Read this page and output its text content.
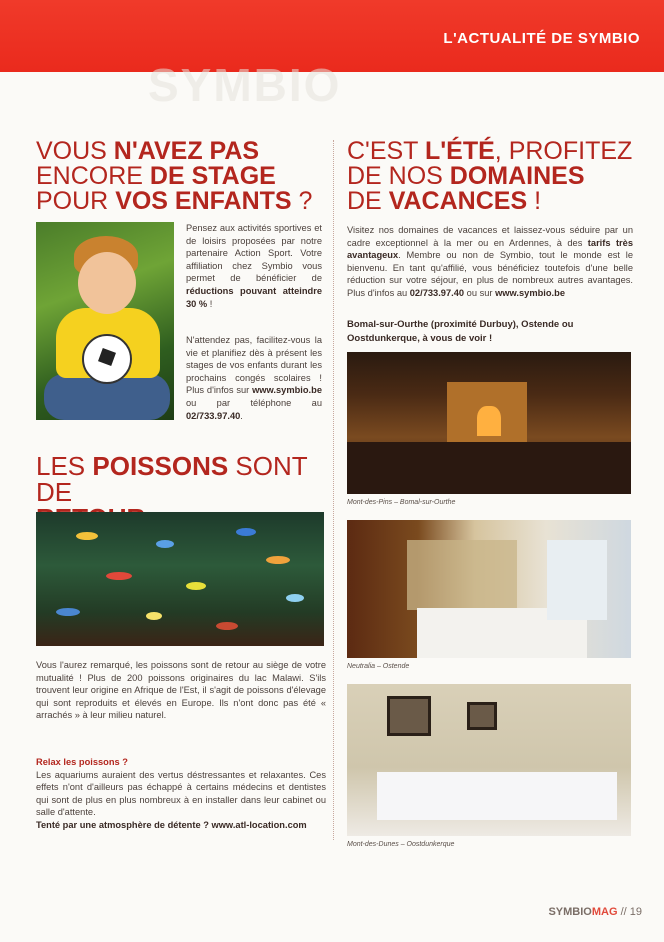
L'ACTUALITÉ DE SYMBIO
SYMBIO
VOUS N'AVEZ PAS
ENCORE DE STAGE
POUR VOS ENFANTS ?
Pensez aux activités sportives et de loisirs proposées par notre partenaire Action Sport. Votre affiliation chez Symbio vous permet de bénéficier de réductions pouvant atteindre 30 % !
N'attendez pas, facilitez-vous la vie et planifiez dès à présent les stages de vos enfants durant les prochains congés scolaires ! Plus d'infos sur www.symbio.be ou par téléphone au 02/733.97.40.
LES POISSONS SONT DE
Vous l'aurez remarqué, les poissons sont de retour au siège de votre mutualité ! Plus de 200 poissons originaires du lac Malawi. S'ils trouvent leur origine en Afrique de l'Est, il s'agit de poissons d'élevage qui sont reproduits et élevés en Europe. Ils n'ont donc pas été « arrachés » à leur milieu naturel.
Relax les poissons ?
Les aquariums auraient des vertus déstressantes et relaxantes. Ces effets n'ont d'ailleurs pas échappé à certains médecins et dentistes qui sont de plus en plus nombreux à en installer dans leur cabinet ou salle d'attente.
Tenté par une atmosphère de détente ? www.atl-location.com
C'EST L'ÉTÉ, PROFITEZ
DE NOS DOMAINES
DE VACANCES !
Visitez nos domaines de vacances et laissez-vous séduire par un cadre exceptionnel à la mer ou en Ardennes, à des tarifs très avantageux. Membre ou non de Symbio, tout le monde est le bienvenu. En tant qu'affilié, vous bénéficiez toutefois d'une belle réduction sur votre séjour, en plus de nombreux autres avantages. Plus d'infos au 02/733.97.40 ou sur www.symbio.be
Bomal-sur-Ourthe (proximité Durbuy), Ostende ou Oostdunkerque, à vous de voir !
Mont-des-Pins – Bomal-sur-Ourthe
Neutralia – Ostende
Mont-des-Dunes – Oostdunkerque
SYMBIOMAG // 19
